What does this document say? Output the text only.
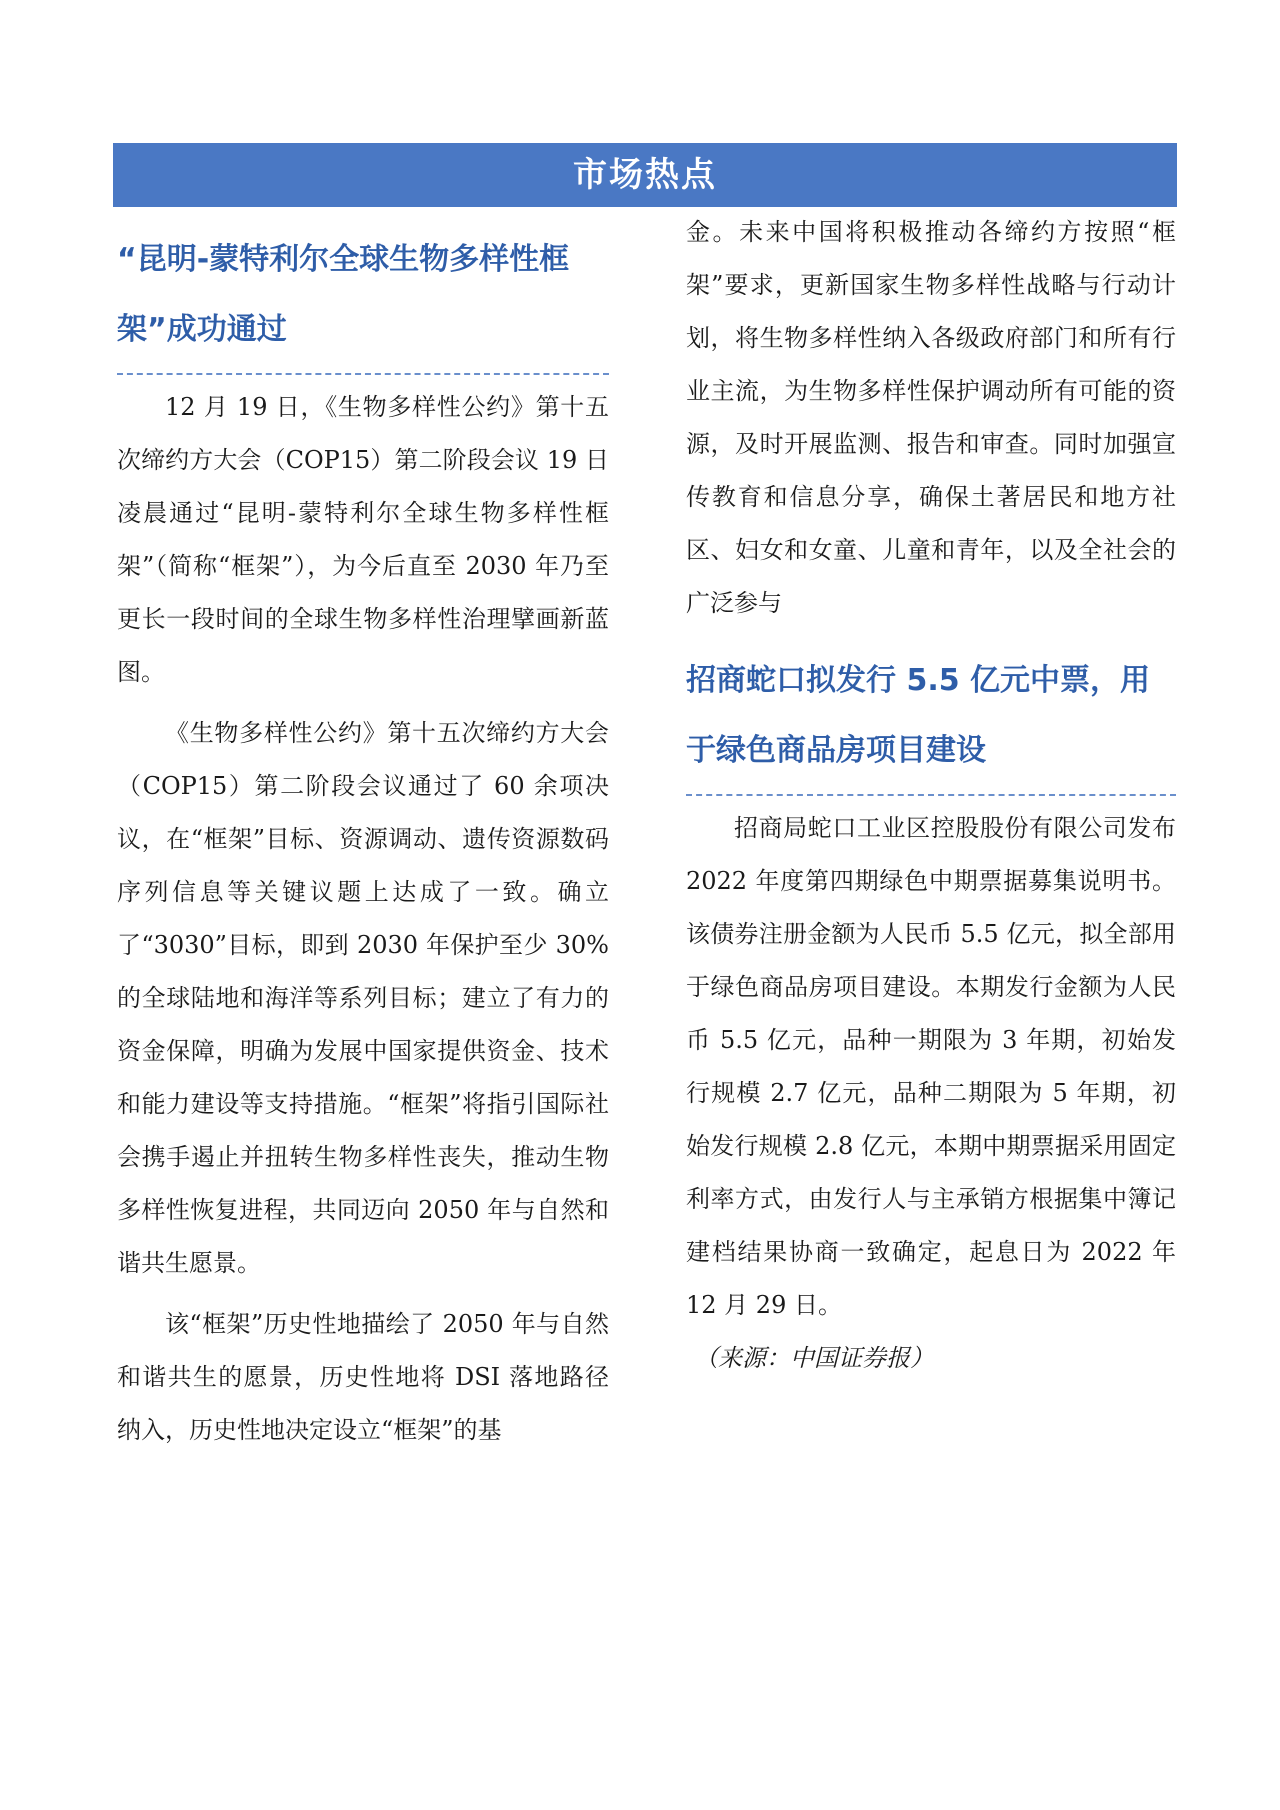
市场热点
“昆明-蒙特利尔全球生物多样性框架”成功通过

12 月 19 日，《生物多样性公约》第十五次缔约方大会（COP15）第二阶段会议 19 日凌晨通过“昆明-蒙特利尔全球生物多样性框架”（简称“框架”），为今后直至 2030 年乃至更长一段时间的全球生物多样性治理擘画新蓝图。

《生物多样性公约》第十五次缔约方大会（COP15）第二阶段会议通过了 60 余项决议，在“框架”目标、资源调动、遗传资源数码序列信息等关键议题上达成了一致。确立了“3030”目标，即到 2030 年保护至少 30%的全球陆地和海洋等系列目标；建立了有力的资金保障，明确为发展中国家提供资金、技术和能力建设等支持措施。“框架”将指引国际社会携手遏止并扭转生物多样性丧失，推动生物多样性恢复进程，共同迈向 2050 年与自然和谐共生愿景。

该“框架”历史性地描绘了 2050 年与自然和谐共生的愿景，历史性地将 DSI 落地路径纳入，历史性地决定设立“框架”的基

金。未来中国将积极推动各缔约方按照“框架”要求，更新国家生物多样性战略与行动计划，将生物多样性纳入各级政府部门和所有行业主流，为生物多样性保护调动所有可能的资源，及时开展监测、报告和审查。同时加强宣传教育和信息分享，确保土著居民和地方社区、妇女和女童、儿童和青年，以及全社会的广泛参与

招商蛇口拟发行 5.5 亿元中票，用于绿色商品房项目建设

招商局蛇口工业区控股股份有限公司发布 2022 年度第四期绿色中期票据募集说明书。该债券注册金额为人民币 5.5 亿元，拟全部用于绿色商品房项目建设。本期发行金额为人民币 5.5 亿元，品种一期限为 3 年期，初始发行规模 2.7 亿元，品种二期限为 5 年期，初始发行规模 2.8 亿元，本期中期票据采用固定利率方式，由发行人与主承销方根据集中簿记建档结果协商一致确定，起息日为 2022 年 12 月 29 日。

（来源：中国证券报）
